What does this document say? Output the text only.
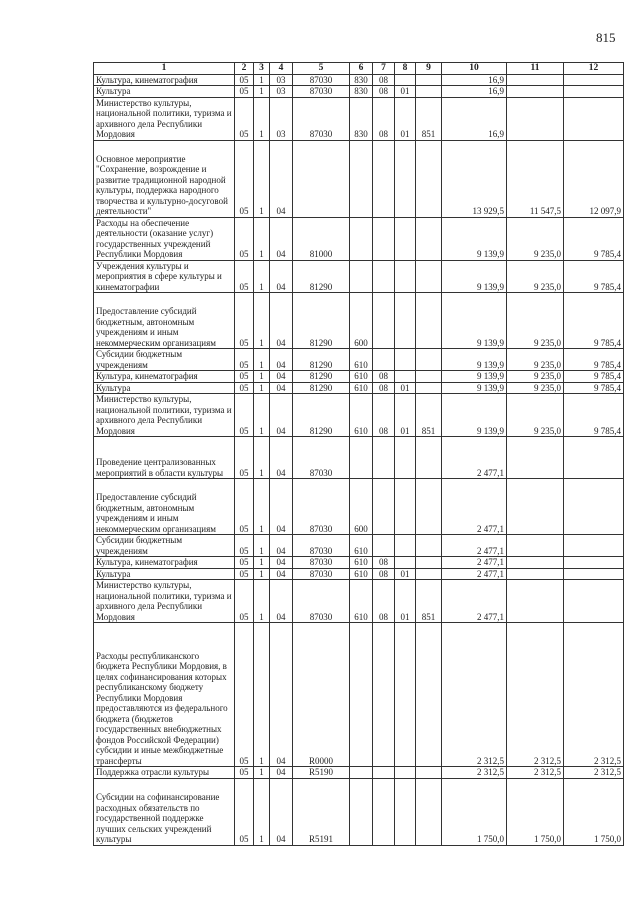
815
1	2	3	4	5	6	7	8	9	10	11	12
Культура, кинематография	05	1	03	87030	830	08			16,9		
Культура	05	1	03	87030	830	08	01		16,9		
Министерство культуры, национальной политики, туризма и архивного дела Республики Мордовия	05	1	03	87030	830	08	01	851	16,9		
Основное мероприятие "Сохранение, возрождение и развитие традиционной народной культуры, поддержка народного творчества и культурно-досуговой деятельности"	05	1	04						13 929,5	11 547,5	12 097,9
Расходы на обеспечение деятельности (оказание услуг) государственных учреждений Республики Мордовия	05	1	04	81000					9 139,9	9 235,0	9 785,4
Учреждения культуры и мероприятия в сфере культуры и кинематографии	05	1	04	81290					9 139,9	9 235,0	9 785,4
Предоставление субсидий бюджетным, автономным учреждениям и иным некоммерческим организациям	05	1	04	81290	600				9 139,9	9 235,0	9 785,4
Субсидии бюджетным учреждениям	05	1	04	81290	610				9 139,9	9 235,0	9 785,4
Культура, кинематография	05	1	04	81290	610	08			9 139,9	9 235,0	9 785,4
Культура	05	1	04	81290	610	08	01		9 139,9	9 235,0	9 785,4
Министерство культуры, национальной политики, туризма и архивного дела Республики Мордовия	05	1	04	81290	610	08	01	851	9 139,9	9 235,0	9 785,4
Проведение централизованных мероприятий в области культуры	05	1	04	87030					2 477,1		
Предоставление субсидий бюджетным, автономным учреждениям и иным некоммерческим организациям	05	1	04	87030	600				2 477,1		
Субсидии бюджетным учреждениям	05	1	04	87030	610				2 477,1		
Культура, кинематография	05	1	04	87030	610	08			2 477,1		
Культура	05	1	04	87030	610	08	01		2 477,1		
Министерство культуры, национальной политики, туризма и архивного дела Республики Мордовия	05	1	04	87030	610	08	01	851	2 477,1		
Расходы республиканского бюджета Республики Мордовия, в целях софинансирования которых республиканскому бюджету Республики Мордовия предоставляются из федерального бюджета (бюджетов государственных внебюджетных фондов Российской Федерации) субсидии и иные межбюджетные трансферты	05	1	04	R0000					2 312,5	2 312,5	2 312,5
Поддержка отрасли культуры	05	1	04	R5190					2 312,5	2 312,5	2 312,5
Субсидии на софинансирование расходных обязательств по государственной поддержке лучших сельских учреждений культуры	05	1	04	R5191					1 750,0	1 750,0	1 750,0
